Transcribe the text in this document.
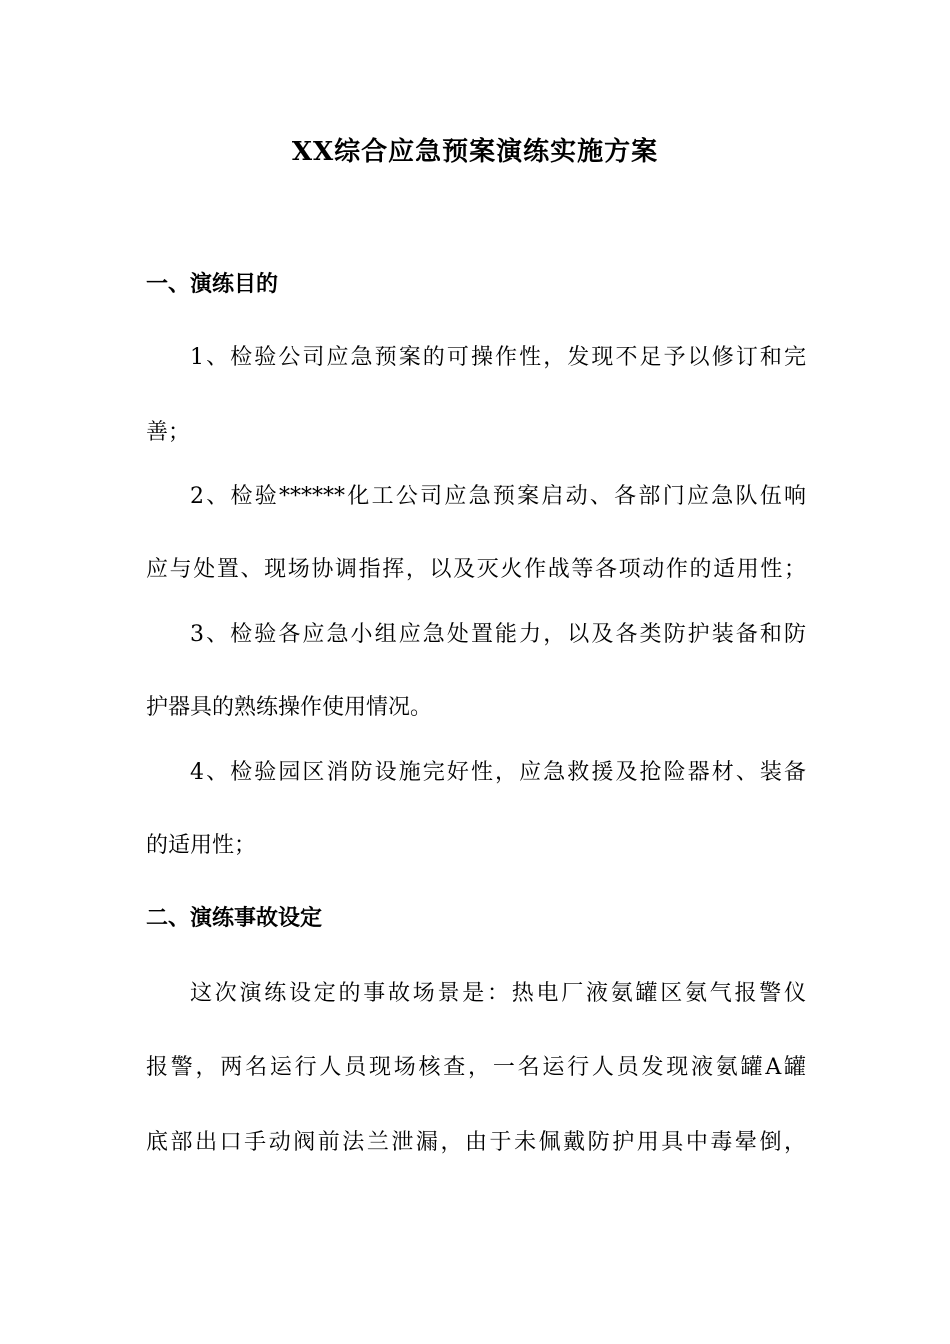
XX综合应急预案演练实施方案
一、演练目的
1、检验公司应急预案的可操作性，发现不足予以修订和完
善；
2、检验******化工公司应急预案启动、各部门应急队伍响
应与处置、现场协调指挥，以及灭火作战等各项动作的适用性；
3、检验各应急小组应急处置能力，以及各类防护装备和防
护器具的熟练操作使用情况。
4、检验园区消防设施完好性，应急救援及抢险器材、装备
的适用性；
二、演练事故设定
这次演练设定的事故场景是：热电厂液氨罐区氨气报警仪
报警，两名运行人员现场核查，一名运行人员发现液氨罐A罐
底部出口手动阀前法兰泄漏，由于未佩戴防护用具中毒晕倒，
